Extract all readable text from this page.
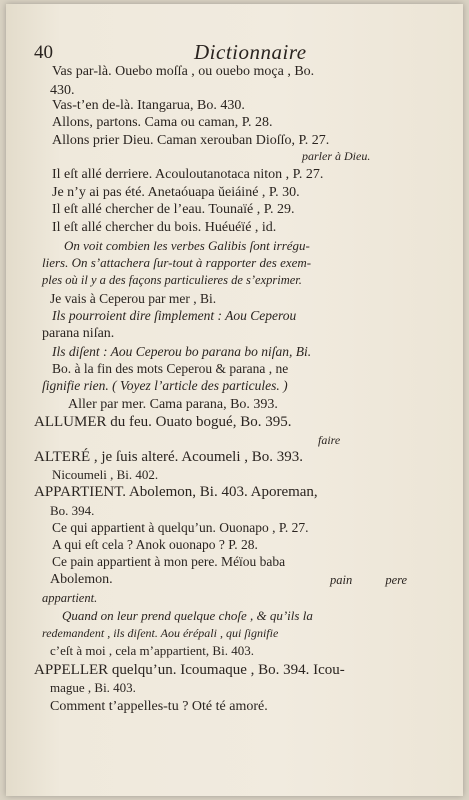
40	Dictionnaire
Vas par-là. Ouebo moſſa , ou ouebo moça , Bo.
430.
Vas-t’en de-là. Itangarua, Bo. 430.
Allons, partons. Cama ou caman, P. 28.
Allons prier Dieu. Caman xerouban Dioſſo, P. 27.
parler à Dieu.
Il eſt allé derriere. Acouloutanotaca niton , P. 27.
Je n’y ai pas été. Anetaóuapa ŭeiáiné , P. 30.
Il eſt allé chercher de l’eau. Tounaïé , P. 29.
Il eſt allé chercher du bois. Huéuéïé , id.
On voit combien les verbes Galibis ſont irrégu-
liers. On s’attachera ſur-tout à rapporter des exem-
ples où il y a des façons particulieres de s’exprimer.
Je vais à Ceperou par mer , Bi.
Ils pourroient dire ſimplement : Aou Ceperou
parana niſan.
Ils diſent : Aou Ceperou bo parana bo niſan, Bi.
Bo. à la fin des mots Ceperou & parana , ne
ſignifie rien. ( Voyez l’article des particules. )
Aller par mer. Cama parana, Bo. 393.
ALLUMER du feu. Ouato bogué, Bo. 395.
faire
ALTERÉ , je ſuis alteré. Acoumeli , Bo. 393.
Nicoumeli , Bi. 402.
APPARTIENT. Abolemon, Bi. 403. Aporeman,
Bo. 394.
Ce qui appartient à quelqu’un. Ouonapo , P. 27.
A qui eſt cela ? Anok ouonapo ? P. 28.
Ce pain appartient à mon pere. Méïou baba
Abolemon.	pain pere
appartient.
Quand on leur prend quelque choſe , & qu’ils la
redemandent , ils diſent. Aou érépali , qui ſignifie
c’eſt à moi , cela m’appartient, Bi. 403.
APPELLER quelqu’un. Icoumaque , Bo. 394. Icou-
mague , Bi. 403.
Comment t’appelles-tu ? Oté té amoré.
